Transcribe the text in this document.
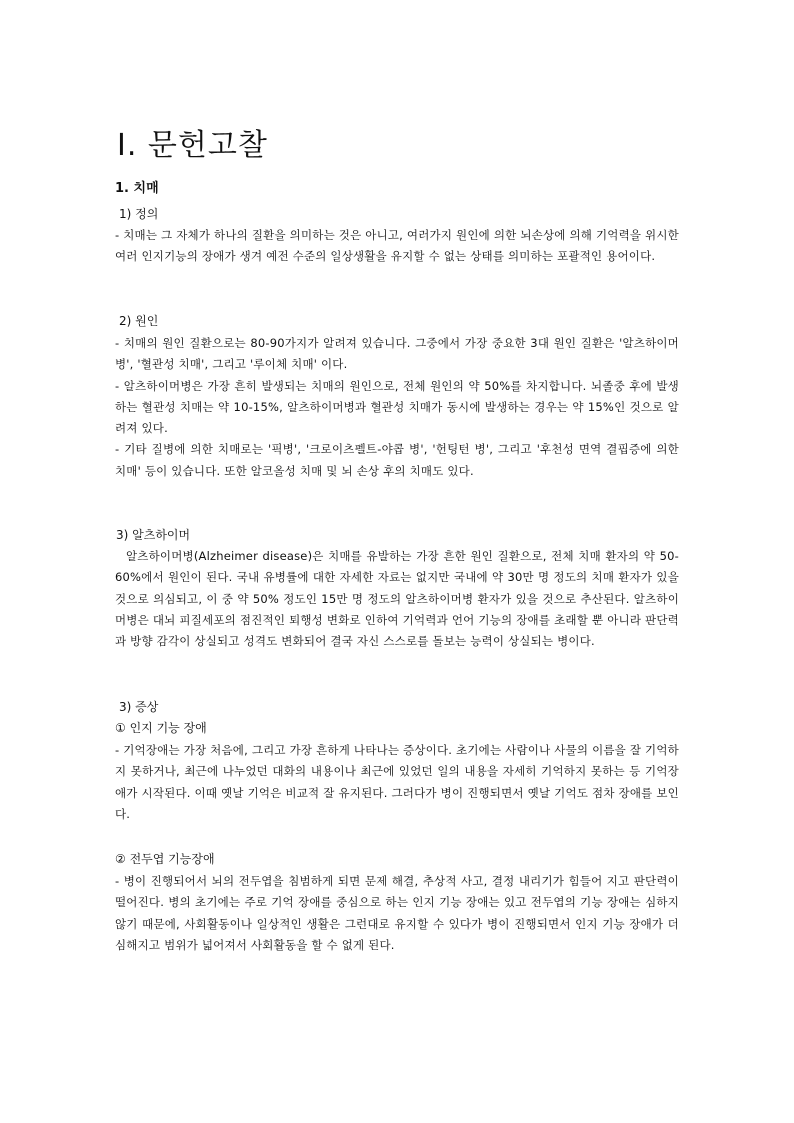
Ⅰ. 문헌고찰
1. 치매
1) 정의

- 치매는 그 자체가 하나의 질환을 의미하는 것은 아니고, 여러가지 원인에 의한 뇌손상에 의해 기억력을 위시한 여러 인지기능의 장애가 생겨 예전 수준의 일상생활을 유지할 수 없는 상태를 의미하는 포괄적인 용어이다.

2) 원인

- 치매의 원인 질환으로는 80-90가지가 알려져 있습니다. 그중에서 가장 중요한 3대 원인 질환은 '알츠하이머병', '혈관성 치매', 그리고 '루이체 치매' 이다.

- 알츠하이머병은 가장 흔히 발생되는 치매의 원인으로, 전체 원인의 약 50%를 차지합니다. 뇌졸중 후에 발생하는 혈관성 치매는 약 10-15%, 알츠하이머병과 혈관성 치매가 동시에 발생하는 경우는 약 15%인 것으로 알려져 있다.

- 기타 질병에 의한 치매로는 '픽병', '크로이츠펠트-야콥 병', '헌팅턴 병', 그리고 '후천성 면역 결핍증에 의한 치매' 등이 있습니다. 또한 알코올성 치매 및 뇌 손상 후의 치매도 있다.

3) 알츠하이머

알츠하이머병(Alzheimer disease)은 치매를 유발하는 가장 흔한 원인 질환으로, 전체 치매 환자의 약 50-60%에서 원인이 된다. 국내 유병률에 대한 자세한 자료는 없지만 국내에 약 30만 명 정도의 치매 환자가 있을 것으로 의심되고, 이 중 약 50% 정도인 15만 명 정도의 알츠하이머병 환자가 있을 것으로 추산된다. 알츠하이머병은 대뇌 피질세포의 점진적인 퇴행성 변화로 인하여 기억력과 언어 기능의 장애를 초래할 뿐 아니라 판단력과 방향 감각이 상실되고 성격도 변화되어 결국 자신 스스로를 돌보는 능력이 상실되는 병이다.

3) 증상
① 인지 기능 장애

- 기억장애는 가장 처음에, 그리고 가장 흔하게 나타나는 증상이다. 초기에는 사람이나 사물의 이름을 잘 기억하지 못하거나, 최근에 나누었던 대화의 내용이나 최근에 있었던 일의 내용을 자세히 기억하지 못하는 등 기억장애가 시작된다. 이때 옛날 기억은 비교적 잘 유지된다. 그러다가 병이 진행되면서 옛날 기억도 점차 장애를 보인다.

② 전두엽 기능장애

- 병이 진행되어서 뇌의 전두엽을 침범하게 되면 문제 해결, 추상적 사고, 결정 내리기가 힘들어 지고 판단력이 떨어진다. 병의 초기에는 주로 기억 장애를 중심으로 하는 인지 기능 장애는 있고 전두엽의 기능 장애는 심하지 않기 때문에, 사회활동이나 일상적인 생활은 그런대로 유지할 수 있다가 병이 진행되면서 인지 기능 장애가 더 심해지고 범위가 넓어져서 사회활동을 할 수 없게 된다.
